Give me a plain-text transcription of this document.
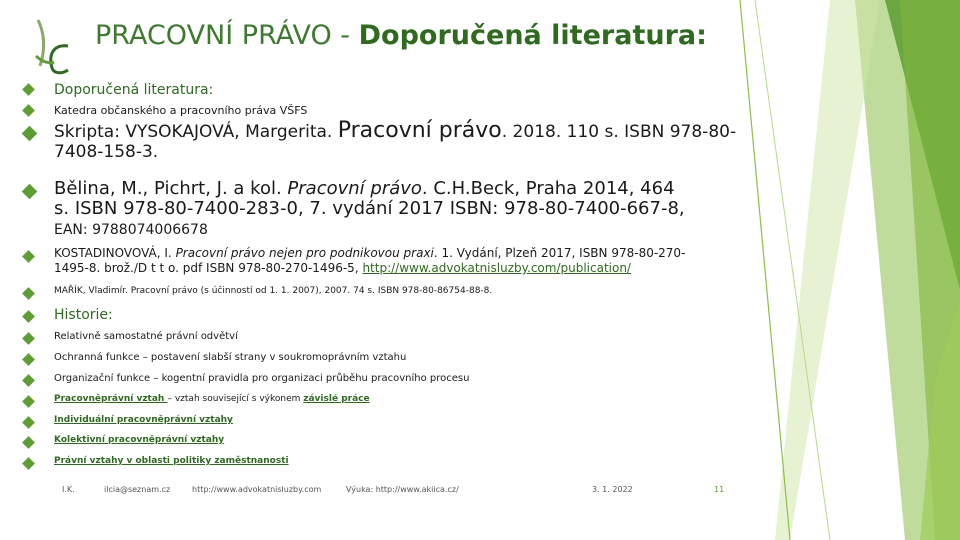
PRACOVNÍ PRÁVO - Doporučená literatura:
Doporučená literatura:
Katedra občanského a pracovního práva VŠFS
Skripta: VYSOKAJOVÁ, Margerita. Pracovní právo. 2018. 110 s. ISBN 978-80-
7408-158-3.
Bělina, M., Pichrt, J. a kol. Pracovní právo. C.H.Beck, Praha 2014, 464
s. ISBN 978-80-7400-283-0, 7. vydání 2017 ISBN: 978-80-7400-667-8,
EAN: 9788074006678
KOSTADINOVOVÁ, I. Pracovní právo nejen pro podnikovou praxi. 1. Vydání, Plzeň 2017, ISBN 978-80-270-
1495-8. brož./D t t o. pdf ISBN 978-80-270-1496-5, http://www.advokatnisluzby.com/publication/
MAŘÍK, Vladimír. Pracovní právo (s účinností od 1. 1. 2007), 2007. 74 s. ISBN 978-80-86754-88-8.
Historie:
Relativně samostatné právní odvětví
Ochranná funkce – postavení slabší strany v soukromoprávním vztahu
Organizační funkce – kogentní pravidla pro organizaci průběhu pracovního procesu
Pracovněprávní vztah – vztah související s výkonem závislé práce
Individuální pracovněprávní vztahy
Kolektivní pracovněprávní vztahy
Právní vztahy v oblasti politiky zaměstnanosti
I.K.	ilcia@seznam.cz	http://www.advokatnisluzby.com	Výuka: http://www.akiica.cz/	3. 1. 2022	11
